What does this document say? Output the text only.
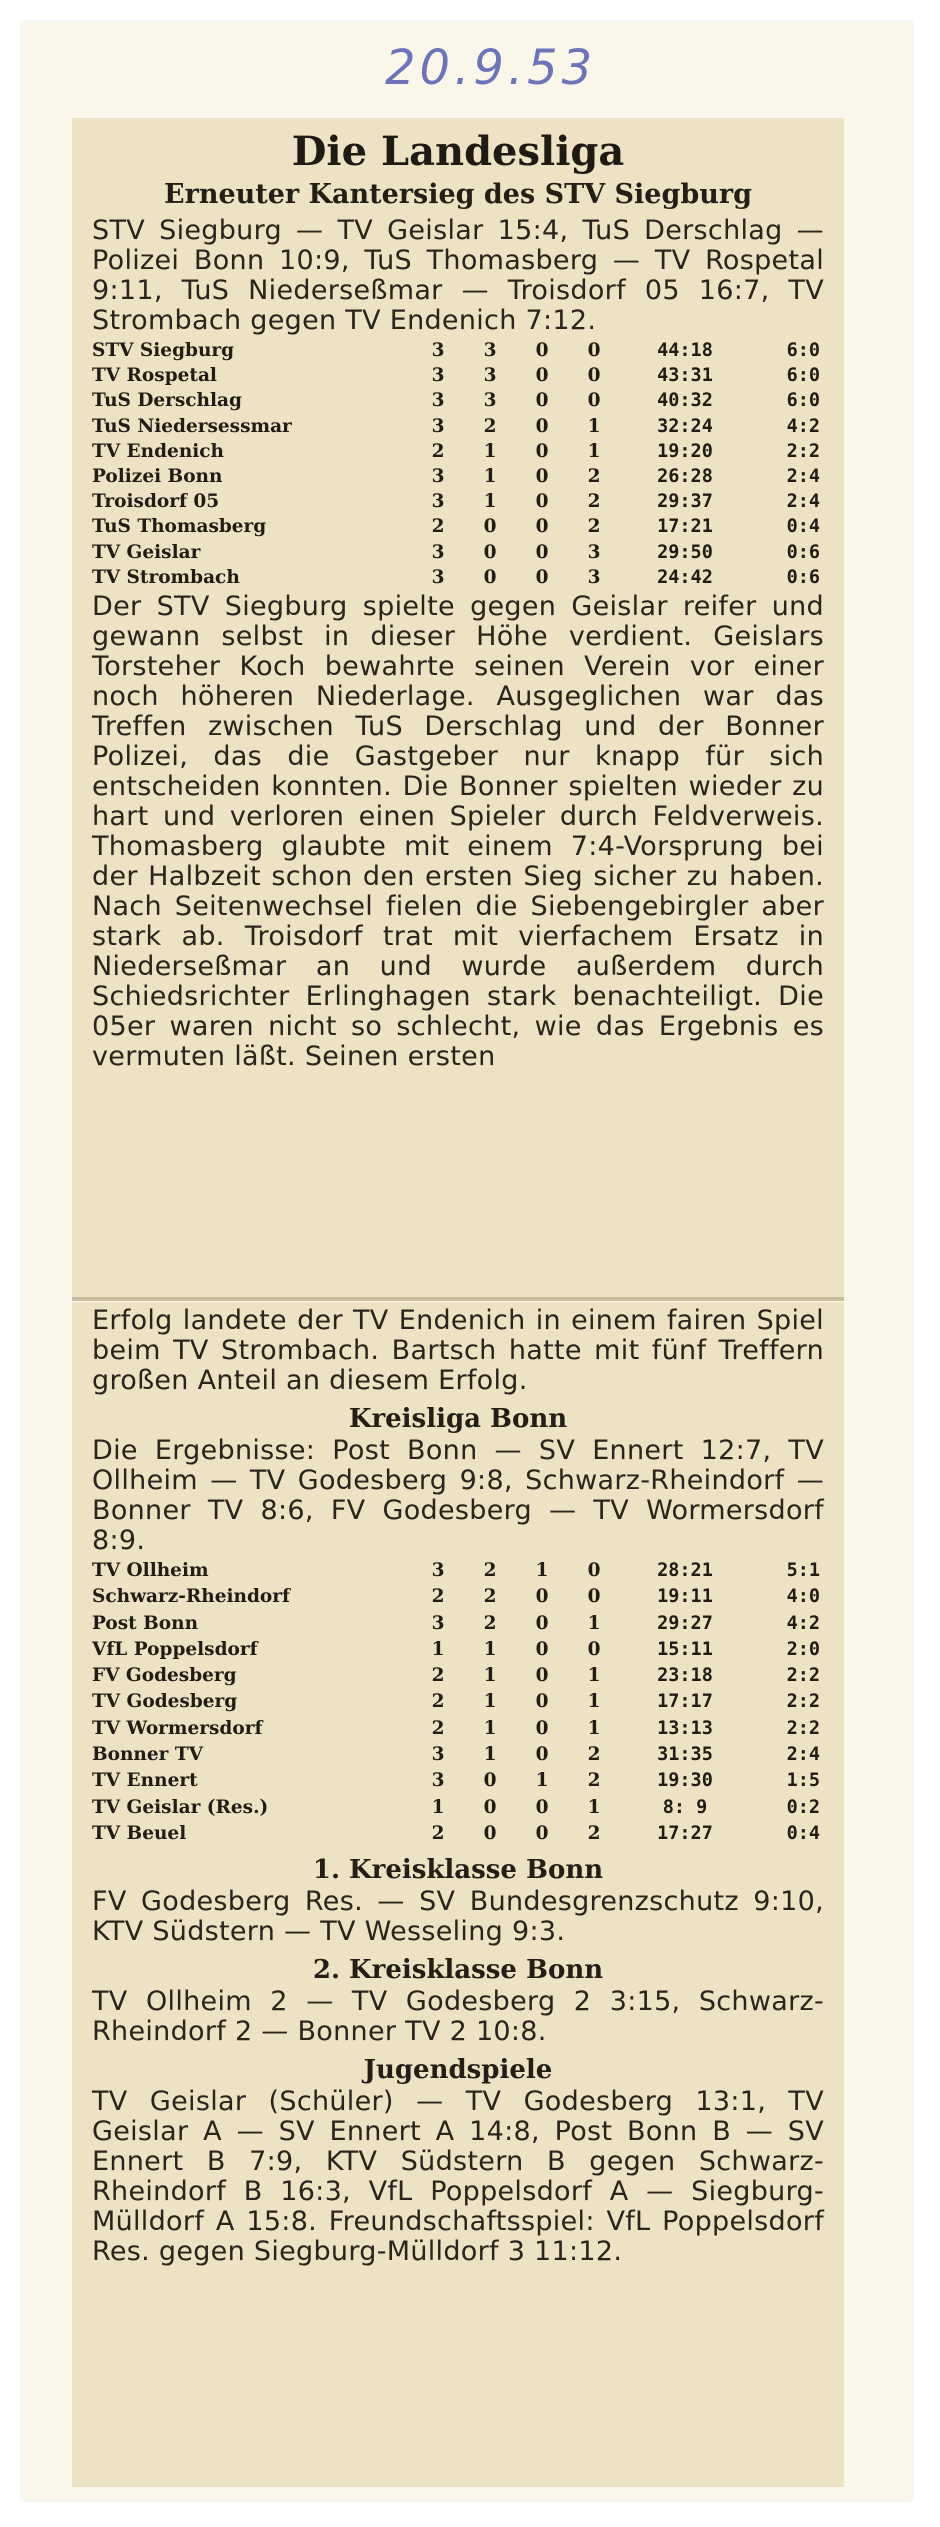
20.9.53
Die Landesliga
Erneuter Kantersieg des STV Siegburg

STV Siegburg — TV Geislar 15:4, TuS Derschlag — Polizei Bonn 10:9, TuS Thomasberg — TV Rospetal 9:11, TuS Niederseßmar — Troisdorf 05 16:7, TV Strombach gegen TV Endenich 7:12.

STV Siegburg	3	3	0	0	44:18	6:0
TV Rospetal	3	3	0	0	43:31	6:0
TuS Derschlag	3	3	0	0	40:32	6:0
TuS Niedersessmar	3	2	0	1	32:24	4:2
TV Endenich	2	1	0	1	19:20	2:2
Polizei Bonn	3	1	0	2	26:28	2:4
Troisdorf 05	3	1	0	2	29:37	2:4
TuS Thomasberg	2	0	0	2	17:21	0:4
TV Geislar	3	0	0	3	29:50	0:6
TV Strombach	3	0	0	3	24:42	0:6

Der STV Siegburg spielte gegen Geislar reifer und gewann selbst in dieser Höhe verdient. Geislars Torsteher Koch bewahrte seinen Verein vor einer noch höheren Niederlage. Ausgeglichen war das Treffen zwischen TuS Derschlag und der Bonner Polizei, das die Gastgeber nur knapp für sich entscheiden konnten. Die Bonner spielten wieder zu hart und verloren einen Spieler durch Feldverweis. Thomasberg glaubte mit einem 7:4-Vorsprung bei der Halbzeit schon den ersten Sieg sicher zu haben. Nach Seitenwechsel fielen die Siebengebirgler aber stark ab. Troisdorf trat mit vierfachem Ersatz in Niederseßmar an und wurde außerdem durch Schiedsrichter Erlinghagen stark benachteiligt. Die 05er waren nicht so schlecht, wie das Ergebnis es vermuten läßt. Seinen ersten

Erfolg landete der TV Endenich in einem fairen Spiel beim TV Strombach. Bartsch hatte mit fünf Treffern großen Anteil an diesem Erfolg.

Kreisliga Bonn

Die Ergebnisse: Post Bonn — SV Ennert 12:7, TV Ollheim — TV Godesberg 9:8, Schwarz-Rheindorf — Bonner TV 8:6, FV Godesberg — TV Wormersdorf 8:9.

TV Ollheim	3	2	1	0	28:21	5:1
Schwarz-Rheindorf	2	2	0	0	19:11	4:0
Post Bonn	3	2	0	1	29:27	4:2
VfL Poppelsdorf	1	1	0	0	15:11	2:0
FV Godesberg	2	1	0	1	23:18	2:2
TV Godesberg	2	1	0	1	17:17	2:2
TV Wormersdorf	2	1	0	1	13:13	2:2
Bonner TV	3	1	0	2	31:35	2:4
TV Ennert	3	0	1	2	19:30	1:5
TV Geislar (Res.)	1	0	0	1	8: 9	0:2
TV Beuel	2	0	0	2	17:27	0:4
1. Kreisklasse Bonn

FV Godesberg Res. — SV Bundesgrenzschutz 9:10, KTV Südstern — TV Wesseling 9:3.

2. Kreisklasse Bonn

TV Ollheim 2 — TV Godesberg 2 3:15, Schwarz-Rheindorf 2 — Bonner TV 2 10:8.

Jugendspiele

TV Geislar (Schüler) — TV Godesberg 13:1, TV Geislar A — SV Ennert A 14:8, Post Bonn B — SV Ennert B 7:9, KTV Südstern B gegen Schwarz-Rheindorf B 16:3, VfL Poppelsdorf A — Siegburg-Mülldorf A 15:8. Freundschaftsspiel: VfL Poppelsdorf Res. gegen Siegburg-Mülldorf 3 11:12.
